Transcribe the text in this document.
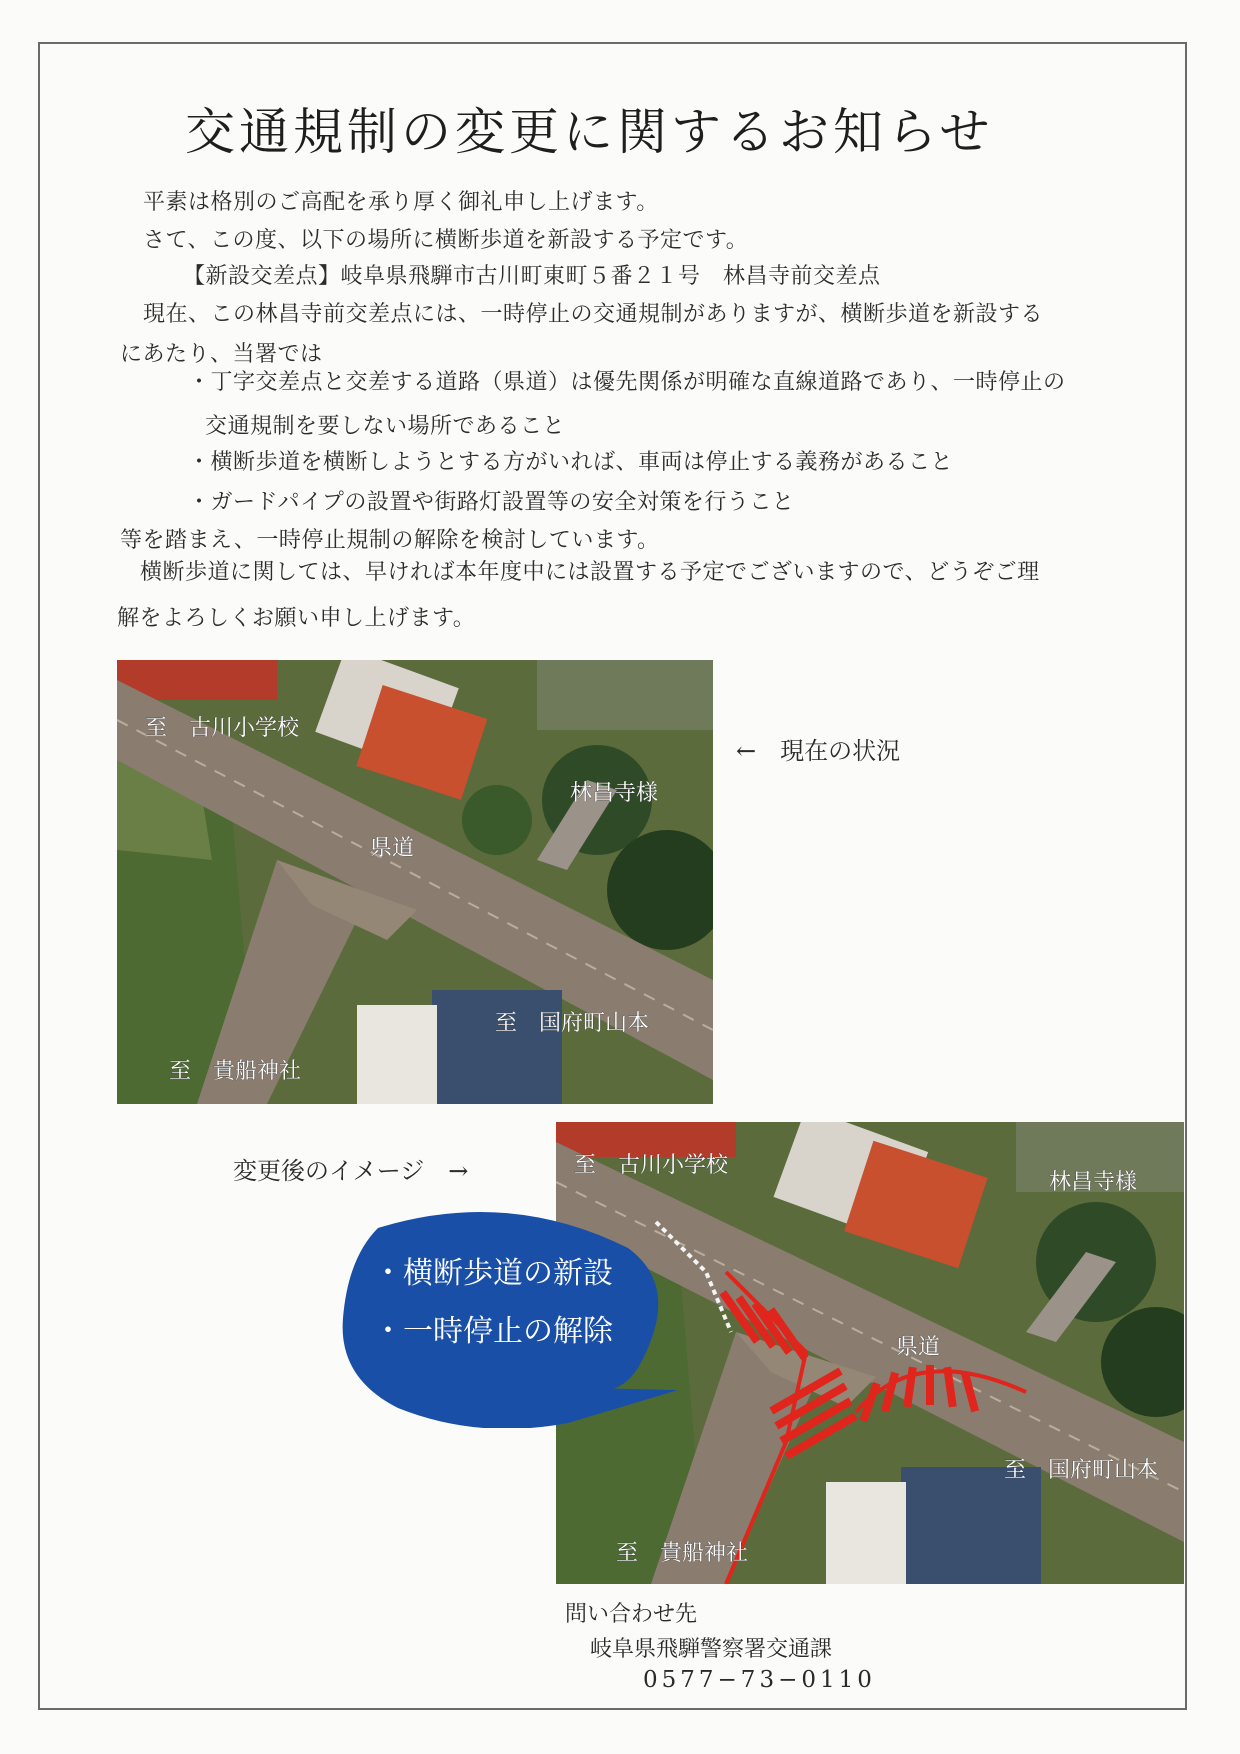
交通規制の変更に関するお知らせ
平素は格別のご高配を承り厚く御礼申し上げます。
さて、この度、以下の場所に横断歩道を新設する予定です。
【新設交差点】岐阜県飛騨市古川町東町５番２１号　林昌寺前交差点
現在、この林昌寺前交差点には、一時停止の交通規制がありますが、横断歩道を新設する
にあたり、当署では
・丁字交差点と交差する道路（県道）は優先関係が明確な直線道路であり、一時停止の
交通規制を要しない場所であること
・横断歩道を横断しようとする方がいれば、車両は停止する義務があること
・ガードパイプの設置や街路灯設置等の安全対策を行うこと
等を踏まえ、一時停止規制の解除を検討しています。
横断歩道に関しては、早ければ本年度中には設置する予定でございますので、どうぞご理
解をよろしくお願い申し上げます。
至　古川小学校
林昌寺様
県道
至　国府町山本
至　貴船神社
←　現在の状況
変更後のイメージ　→	至　古川小学校
林昌寺様
県道
至　国府町山本
至　貴船神社
・横断歩道の新設
・一時停止の解除
問い合わせ先
岐阜県飛騨警察署交通課
0577−73−0110
